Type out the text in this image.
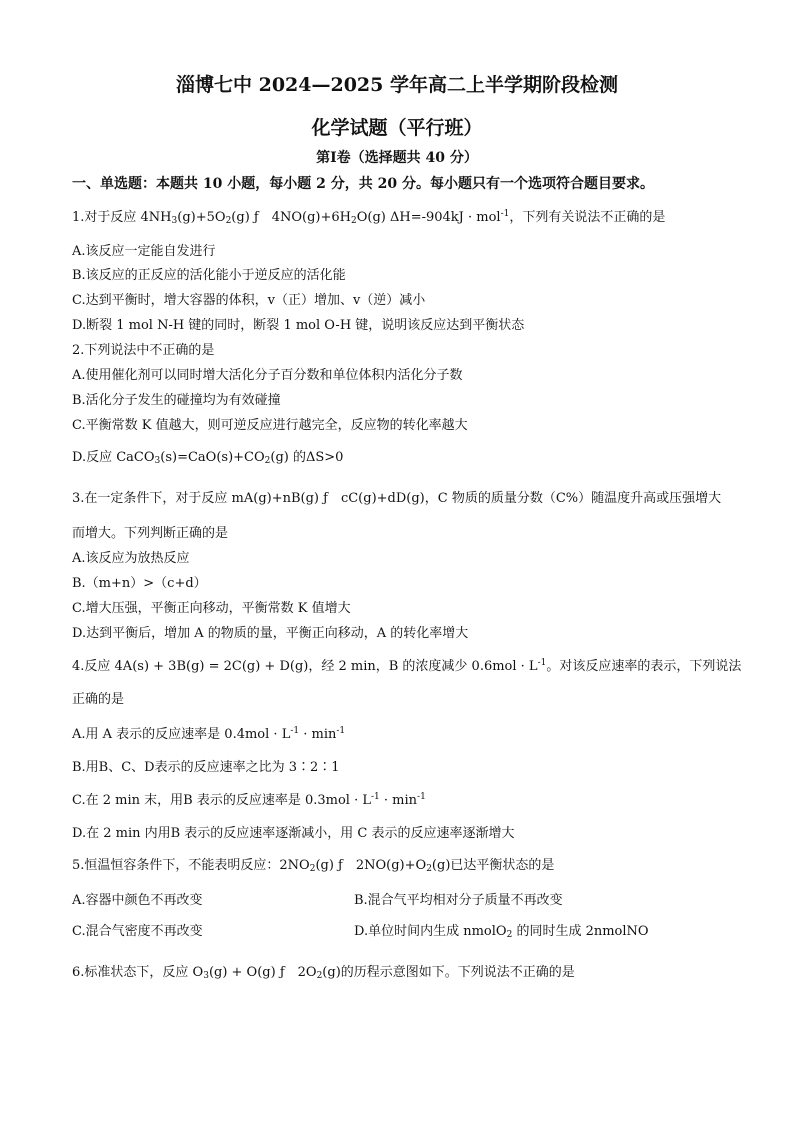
淄博七中 2024—2025 学年高二上半学期阶段检测
化学试题（平行班）
第Ⅰ卷（选择题共 40 分）
一、单选题：本题共 10 小题，每小题 2 分，共 20 分。每小题只有一个选项符合题目要求。
1.对于反应 $4NH_3(g)+5O_2(g)$ ƒ　$4NO(g)+6H_2O(g) \Delta H=-904kJ \cdot mol^{-1}$，下列有关说法不正确的是
A.该反应一定能自发进行
B.该反应的正反应的活化能小于逆反应的活化能
C.达到平衡时，增大容器的体积，v（正）增加、v（逆）减小
D.断裂 1 mol N-H 键的同时，断裂 1 mol O-H 键，说明该反应达到平衡状态
2.下列说法中不正确的是
A.使用催化剂可以同时增大活化分子百分数和单位体积内活化分子数
B.活化分子发生的碰撞均为有效碰撞
C.平衡常数 K 值越大，则可逆反应进行越完全，反应物的转化率越大
D.反应 $CaCO_3(s)=CaO(s)+CO_2(g)$ 的ΔS>0
3.在一定条件下，对于反应 mA(g)+nB(g) ƒ　cC(g)+dD(g)，C 物质的质量分数（C%）随温度升高或压强增大
而增大。下列判断正确的是
A.该反应为放热反应
B.（m+n）>（c+d）
C.增大压强，平衡正向移动，平衡常数 K 值增大
D.达到平衡后，增加 A 的物质的量，平衡正向移动，A 的转化率增大
4.反应 4A(s) + 3B(g) = 2C(g) + D(g)，经 2 min，B 的浓度减少 $0.6mol \cdot L^{-1}$。对该反应速率的表示，下列说法
正确的是
A.用 A 表示的反应速率是 $0.4mol \cdot L^{-1} \cdot \min^{-1}$
B.用B、C、D表示的反应速率之比为 3∶2∶1
C.在 2 min 末，用B 表示的反应速率是 $0.3mol \cdot L^{-1} \cdot \min^{-1}$
D.在 2 min 内用B 表示的反应速率逐渐减小，用 C 表示的反应速率逐渐增大
5.恒温恒容条件下，不能表明反应：$2NO_2(g)$ ƒ　$2NO(g)+O_2(g)$已达平衡状态的是
A.容器中颜色不再改变	B.混合气平均相对分子质量不再改变
C.混合气密度不再改变	D.单位时间内生成 nmolO$_2$ 的同时生成 2nmolNO
6.标准状态下，反应 $O_3(g) + O(g)$ ƒ　$2O_2(g)$的历程示意图如下。下列说法不正确的是
